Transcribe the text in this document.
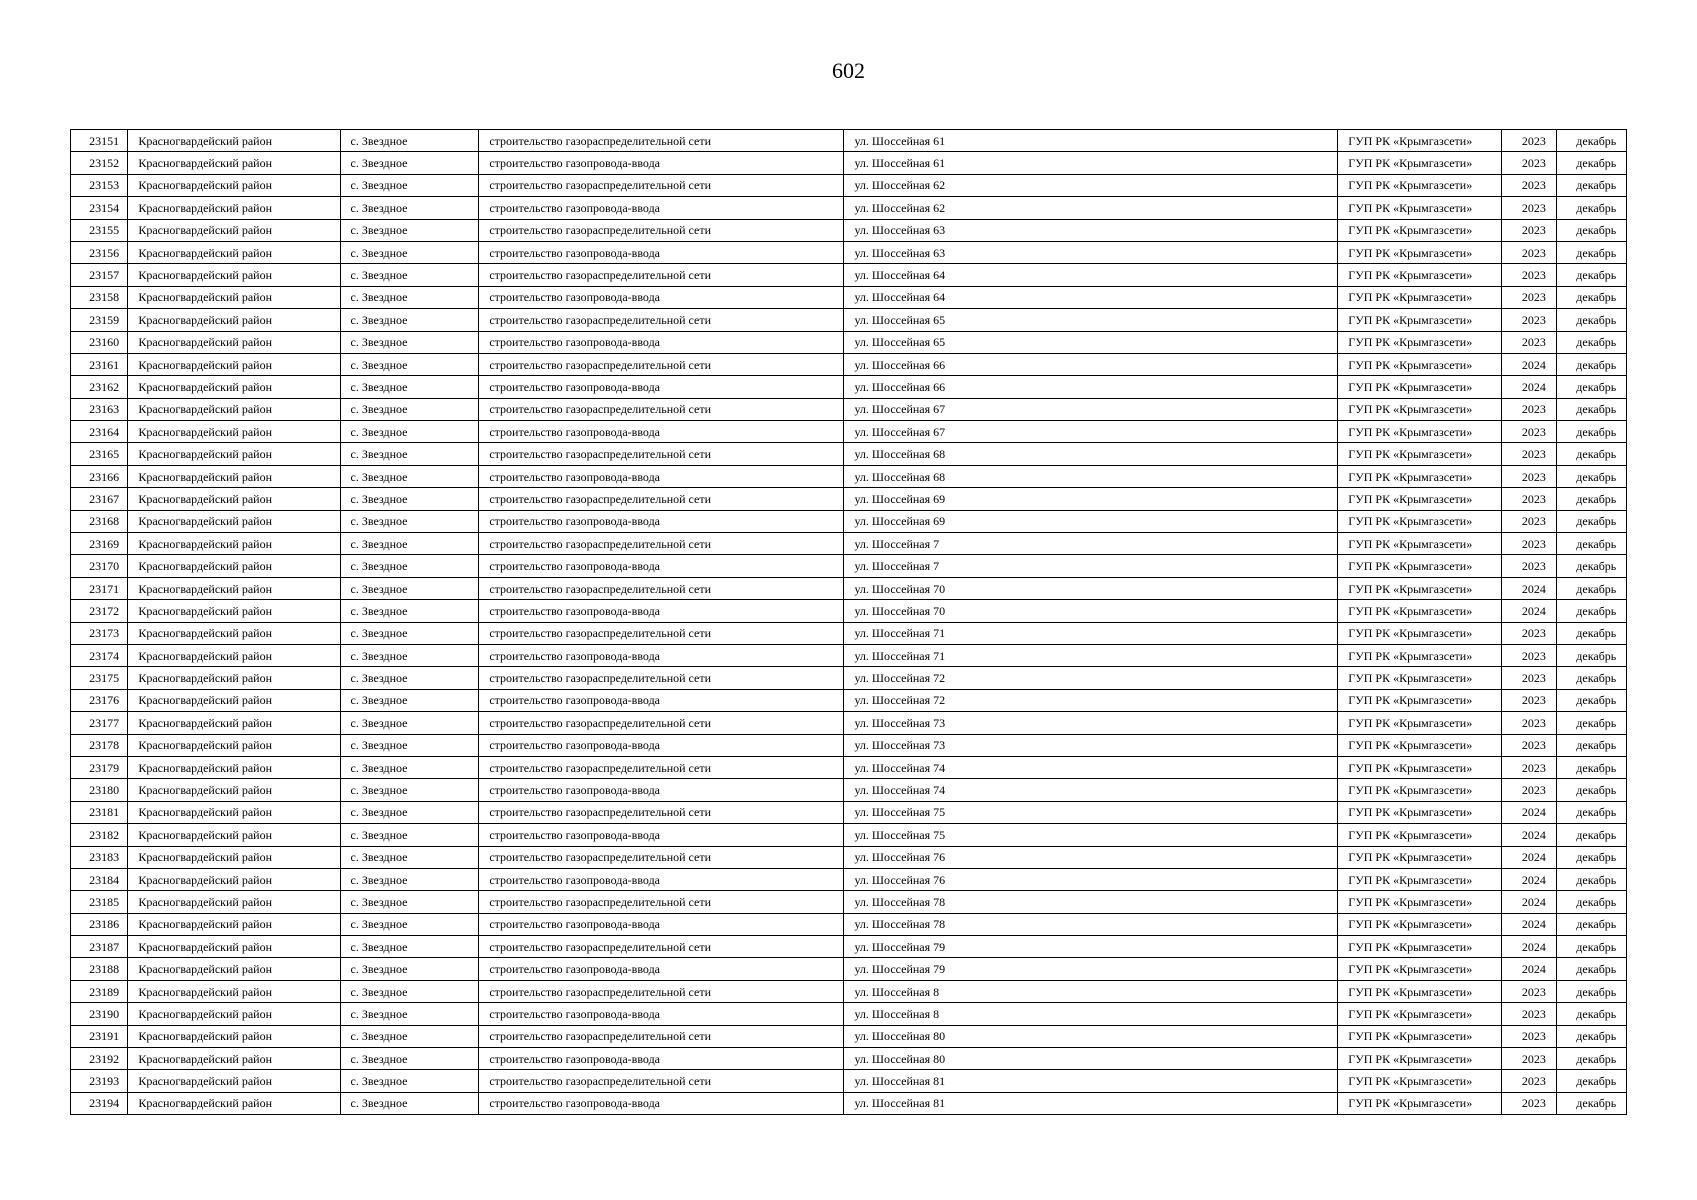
602
23151	Красногвардейский район	с. Звездное	строительство газораспределительной сети	ул. Шоссейная 61	ГУП РК «Крымгазсети»	2023	декабрь
23152	Красногвардейский район	с. Звездное	строительство газопровода-ввода	ул. Шоссейная 61	ГУП РК «Крымгазсети»	2023	декабрь
23153	Красногвардейский район	с. Звездное	строительство газораспределительной сети	ул. Шоссейная 62	ГУП РК «Крымгазсети»	2023	декабрь
23154	Красногвардейский район	с. Звездное	строительство газопровода-ввода	ул. Шоссейная 62	ГУП РК «Крымгазсети»	2023	декабрь
23155	Красногвардейский район	с. Звездное	строительство газораспределительной сети	ул. Шоссейная 63	ГУП РК «Крымгазсети»	2023	декабрь
23156	Красногвардейский район	с. Звездное	строительство газопровода-ввода	ул. Шоссейная 63	ГУП РК «Крымгазсети»	2023	декабрь
23157	Красногвардейский район	с. Звездное	строительство газораспределительной сети	ул. Шоссейная 64	ГУП РК «Крымгазсети»	2023	декабрь
23158	Красногвардейский район	с. Звездное	строительство газопровода-ввода	ул. Шоссейная 64	ГУП РК «Крымгазсети»	2023	декабрь
23159	Красногвардейский район	с. Звездное	строительство газораспределительной сети	ул. Шоссейная 65	ГУП РК «Крымгазсети»	2023	декабрь
23160	Красногвардейский район	с. Звездное	строительство газопровода-ввода	ул. Шоссейная 65	ГУП РК «Крымгазсети»	2023	декабрь
23161	Красногвардейский район	с. Звездное	строительство газораспределительной сети	ул. Шоссейная 66	ГУП РК «Крымгазсети»	2024	декабрь
23162	Красногвардейский район	с. Звездное	строительство газопровода-ввода	ул. Шоссейная 66	ГУП РК «Крымгазсети»	2024	декабрь
23163	Красногвардейский район	с. Звездное	строительство газораспределительной сети	ул. Шоссейная 67	ГУП РК «Крымгазсети»	2023	декабрь
23164	Красногвардейский район	с. Звездное	строительство газопровода-ввода	ул. Шоссейная 67	ГУП РК «Крымгазсети»	2023	декабрь
23165	Красногвардейский район	с. Звездное	строительство газораспределительной сети	ул. Шоссейная 68	ГУП РК «Крымгазсети»	2023	декабрь
23166	Красногвардейский район	с. Звездное	строительство газопровода-ввода	ул. Шоссейная 68	ГУП РК «Крымгазсети»	2023	декабрь
23167	Красногвардейский район	с. Звездное	строительство газораспределительной сети	ул. Шоссейная 69	ГУП РК «Крымгазсети»	2023	декабрь
23168	Красногвардейский район	с. Звездное	строительство газопровода-ввода	ул. Шоссейная 69	ГУП РК «Крымгазсети»	2023	декабрь
23169	Красногвардейский район	с. Звездное	строительство газораспределительной сети	ул. Шоссейная 7	ГУП РК «Крымгазсети»	2023	декабрь
23170	Красногвардейский район	с. Звездное	строительство газопровода-ввода	ул. Шоссейная 7	ГУП РК «Крымгазсети»	2023	декабрь
23171	Красногвардейский район	с. Звездное	строительство газораспределительной сети	ул. Шоссейная 70	ГУП РК «Крымгазсети»	2024	декабрь
23172	Красногвардейский район	с. Звездное	строительство газопровода-ввода	ул. Шоссейная 70	ГУП РК «Крымгазсети»	2024	декабрь
23173	Красногвардейский район	с. Звездное	строительство газораспределительной сети	ул. Шоссейная 71	ГУП РК «Крымгазсети»	2023	декабрь
23174	Красногвардейский район	с. Звездное	строительство газопровода-ввода	ул. Шоссейная 71	ГУП РК «Крымгазсети»	2023	декабрь
23175	Красногвардейский район	с. Звездное	строительство газораспределительной сети	ул. Шоссейная 72	ГУП РК «Крымгазсети»	2023	декабрь
23176	Красногвардейский район	с. Звездное	строительство газопровода-ввода	ул. Шоссейная 72	ГУП РК «Крымгазсети»	2023	декабрь
23177	Красногвардейский район	с. Звездное	строительство газораспределительной сети	ул. Шоссейная 73	ГУП РК «Крымгазсети»	2023	декабрь
23178	Красногвардейский район	с. Звездное	строительство газопровода-ввода	ул. Шоссейная 73	ГУП РК «Крымгазсети»	2023	декабрь
23179	Красногвардейский район	с. Звездное	строительство газораспределительной сети	ул. Шоссейная 74	ГУП РК «Крымгазсети»	2023	декабрь
23180	Красногвардейский район	с. Звездное	строительство газопровода-ввода	ул. Шоссейная 74	ГУП РК «Крымгазсети»	2023	декабрь
23181	Красногвардейский район	с. Звездное	строительство газораспределительной сети	ул. Шоссейная 75	ГУП РК «Крымгазсети»	2024	декабрь
23182	Красногвардейский район	с. Звездное	строительство газопровода-ввода	ул. Шоссейная 75	ГУП РК «Крымгазсети»	2024	декабрь
23183	Красногвардейский район	с. Звездное	строительство газораспределительной сети	ул. Шоссейная 76	ГУП РК «Крымгазсети»	2024	декабрь
23184	Красногвардейский район	с. Звездное	строительство газопровода-ввода	ул. Шоссейная 76	ГУП РК «Крымгазсети»	2024	декабрь
23185	Красногвардейский район	с. Звездное	строительство газораспределительной сети	ул. Шоссейная 78	ГУП РК «Крымгазсети»	2024	декабрь
23186	Красногвардейский район	с. Звездное	строительство газопровода-ввода	ул. Шоссейная 78	ГУП РК «Крымгазсети»	2024	декабрь
23187	Красногвардейский район	с. Звездное	строительство газораспределительной сети	ул. Шоссейная 79	ГУП РК «Крымгазсети»	2024	декабрь
23188	Красногвардейский район	с. Звездное	строительство газопровода-ввода	ул. Шоссейная 79	ГУП РК «Крымгазсети»	2024	декабрь
23189	Красногвардейский район	с. Звездное	строительство газораспределительной сети	ул. Шоссейная 8	ГУП РК «Крымгазсети»	2023	декабрь
23190	Красногвардейский район	с. Звездное	строительство газопровода-ввода	ул. Шоссейная 8	ГУП РК «Крымгазсети»	2023	декабрь
23191	Красногвардейский район	с. Звездное	строительство газораспределительной сети	ул. Шоссейная 80	ГУП РК «Крымгазсети»	2023	декабрь
23192	Красногвардейский район	с. Звездное	строительство газопровода-ввода	ул. Шоссейная 80	ГУП РК «Крымгазсети»	2023	декабрь
23193	Красногвардейский район	с. Звездное	строительство газораспределительной сети	ул. Шоссейная 81	ГУП РК «Крымгазсети»	2023	декабрь
23194	Красногвардейский район	с. Звездное	строительство газопровода-ввода	ул. Шоссейная 81	ГУП РК «Крымгазсети»	2023	декабрь
